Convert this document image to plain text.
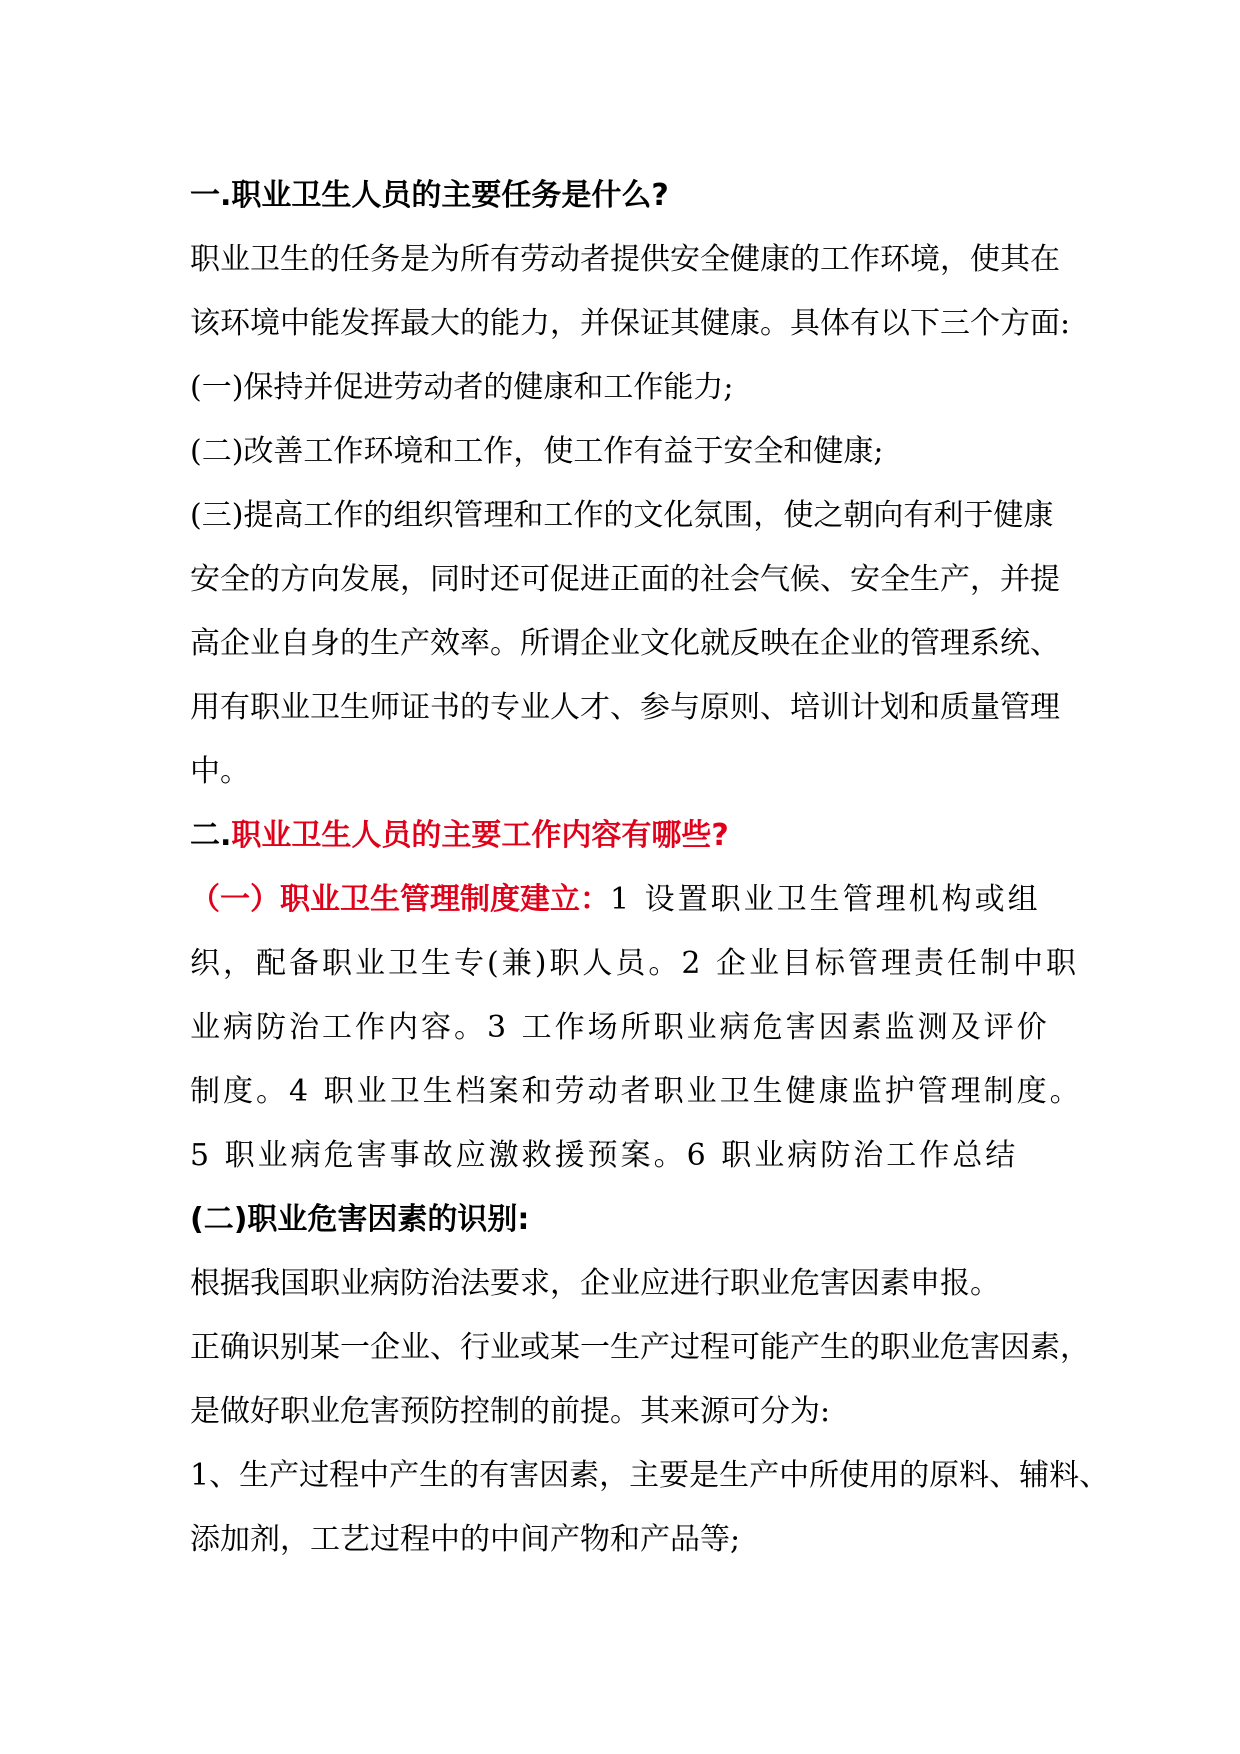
一.职业卫生人员的主要任务是什么?
职业卫生的任务是为所有劳动者提供安全健康的工作环境，使其在
该环境中能发挥最大的能力，并保证其健康。具体有以下三个方面:
(一)保持并促进劳动者的健康和工作能力;
(二)改善工作环境和工作，使工作有益于安全和健康;
(三)提高工作的组织管理和工作的文化氛围，使之朝向有利于健康
安全的方向发展，同时还可促进正面的社会气候、安全生产，并提
高企业自身的生产效率。所谓企业文化就反映在企业的管理系统、
用有职业卫生师证书的专业人才、参与原则、培训计划和质量管理
中。
二.职业卫生人员的主要工作内容有哪些?
（一）职业卫生管理制度建立：1 设置职业卫生管理机构或组
织，配备职业卫生专(兼)职人员。2 企业目标管理责任制中职
业病防治工作内容。3 工作场所职业病危害因素监测及评价
制度。4 职业卫生档案和劳动者职业卫生健康监护管理制度。
5 职业病危害事故应激救援预案。6 职业病防治工作总结
(二)职业危害因素的识别:
根据我国职业病防治法要求，企业应进行职业危害因素申报。
正确识别某一企业、行业或某一生产过程可能产生的职业危害因素，
是做好职业危害预防控制的前提。其来源可分为:
1、生产过程中产生的有害因素，主要是生产中所使用的原料、辅料、
添加剂，工艺过程中的中间产物和产品等;
